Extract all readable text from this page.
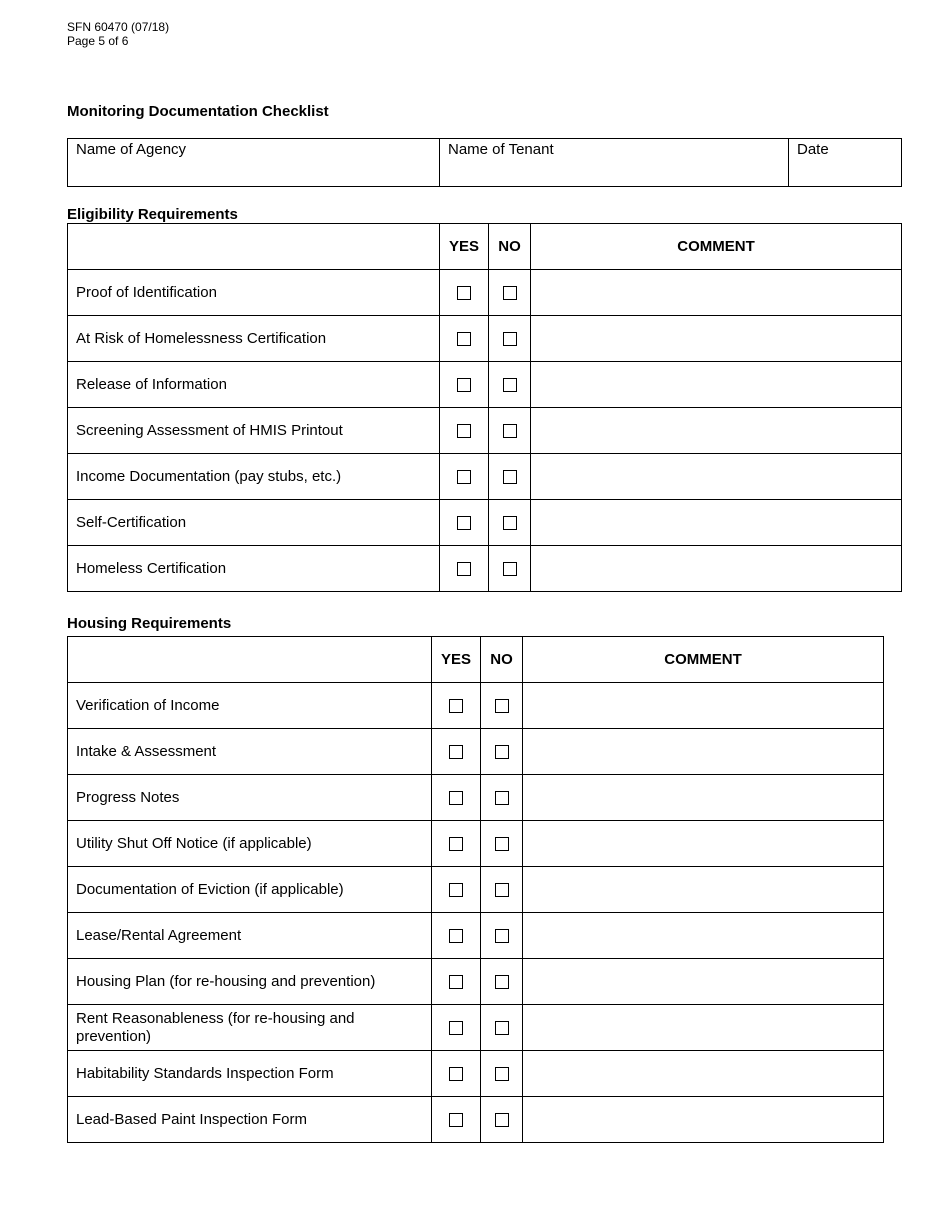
SFN 60470 (07/18)
Page 5 of 6
Monitoring Documentation Checklist
Name of Agency	Name of Tenant	Date
Eligibility Requirements
	YES	NO	COMMENT

Proof of Identification			

At Risk of Homelessness Certification			

Release of Information			

Screening Assessment of HMIS Printout			

Income Documentation (pay stubs, etc.)			

Self-Certification			

Homeless Certification			

Housing Requirements
	YES	NO	COMMENT

Verification of Income			

Intake & Assessment			

Progress Notes			

Utility Shut Off Notice (if applicable)			

Documentation of Eviction (if applicable)			

Lease/Rental Agreement			

Housing Plan (for re-housing and prevention)			

Rent Reasonableness (for re-housing and prevention)			

Habitability Standards Inspection Form			

Lead-Based Paint Inspection Form			
